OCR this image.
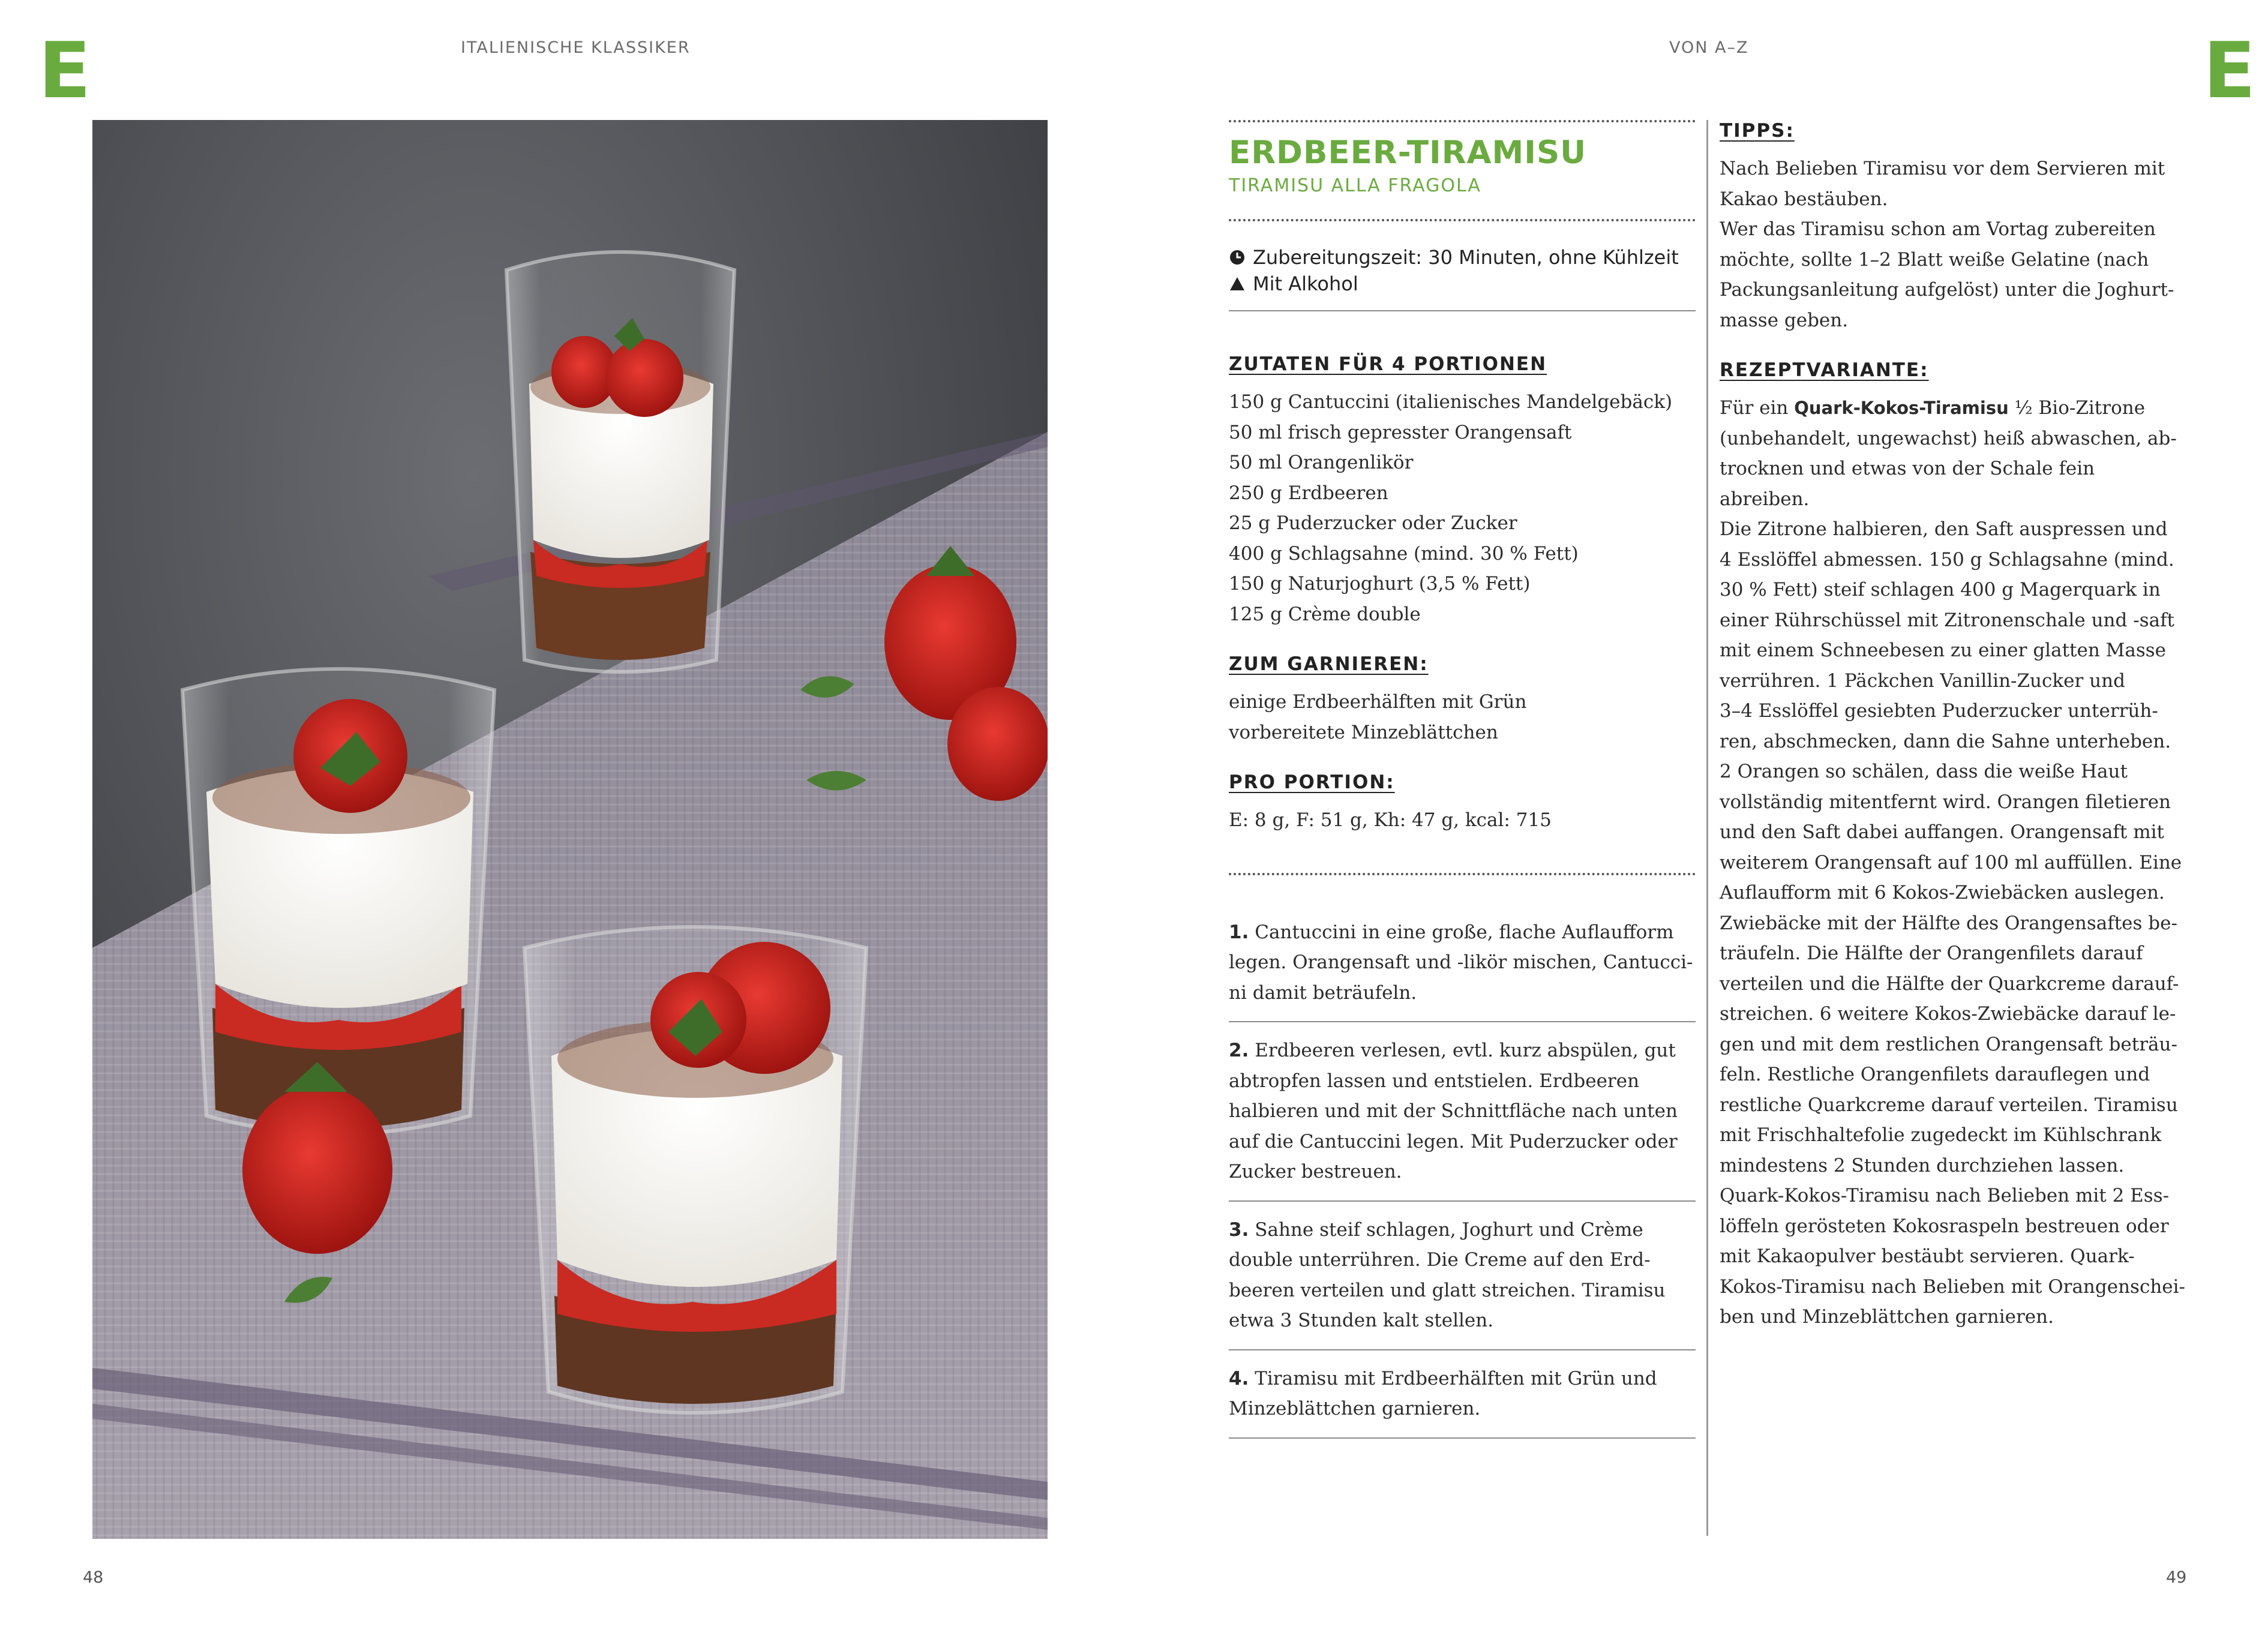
E	E
ITALIENISCHE KLASSIKER	VON A–Z
ERDBEER-TIRAMISU
TIRAMISU ALLA FRAGOLA
Zubereitungszeit: 30 Minuten, ohne Kühlzeit
Mit Alkohol
ZUTATEN FÜR 4 PORTIONEN
150 g Cantuccini (italienisches Mandelgebäck)
50 ml frisch gepresster Orangensaft
50 ml Orangenlikör
250 g Erdbeeren
25 g Puderzucker oder Zucker
400 g Schlagsahne (mind. 30 % Fett)
150 g Naturjoghurt (3,5 % Fett)
125 g Crème double
ZUM GARNIEREN:
einige Erdbeerhälften mit Grün
vorbereitete Minzeblättchen
PRO PORTION:
E: 8 g, F: 51 g, Kh: 47 g, kcal: 715
1. Cantuccini in eine große, flache Auflaufform
legen. Orangensaft und -likör mischen, Cantucci-
ni damit beträufeln.
2. Erdbeeren verlesen, evtl. kurz abspülen, gut
abtropfen lassen und entstielen. Erdbeeren
halbieren und mit der Schnittfläche nach unten
auf die Cantuccini legen. Mit Puderzucker oder
Zucker bestreuen.
3. Sahne steif schlagen, Joghurt und Crème
double unterrühren. Die Creme auf den Erd-
beeren verteilen und glatt streichen. Tiramisu
etwa 3 Stunden kalt stellen.
4. Tiramisu mit Erdbeerhälften mit Grün und
Minzeblättchen garnieren.
TIPPS:
Nach Belieben Tiramisu vor dem Servieren mit
Kakao bestäuben.
Wer das Tiramisu schon am Vortag zubereiten
möchte, sollte 1–2 Blatt weiße Gelatine (nach
Packungsanleitung aufgelöst) unter die Joghurt-
masse geben.
REZEPTVARIANTE:
Für ein Quark-Kokos-Tiramisu ½ Bio-Zitrone
(unbehandelt, ungewachst) heiß abwaschen, ab-
trocknen und etwas von der Schale fein abreiben.
Die Zitrone halbieren, den Saft auspressen und
4 Esslöffel abmessen. 150 g Schlagsahne (mind.
30 % Fett) steif schlagen 400 g Magerquark in
einer Rührschüssel mit Zitronenschale und -saft
mit einem Schneebesen zu einer glatten Masse
verrühren. 1 Päckchen Vanillin-Zucker und
3–4 Esslöffel gesiebten Puderzucker unterrüh-
ren, abschmecken, dann die Sahne unterheben.
2 Orangen so schälen, dass die weiße Haut
vollständig mitentfernt wird. Orangen filetieren
und den Saft dabei auffangen. Orangensaft mit
weiterem Orangensaft auf 100 ml auffüllen. Eine
Auflaufform mit 6 Kokos-Zwiebäcken auslegen.
Zwiebäcke mit der Hälfte des Orangensaftes be-
träufeln. Die Hälfte der Orangenfilets darauf
verteilen und die Hälfte der Quarkcreme darauf-
streichen. 6 weitere Kokos-Zwiebäcke darauf le-
gen und mit dem restlichen Orangensaft beträu-
feln. Restliche Orangenfilets darauflegen und
restliche Quarkcreme darauf verteilen. Tiramisu
mit Frischhaltefolie zugedeckt im Kühlschrank
mindestens 2 Stunden durchziehen lassen.
Quark-Kokos-Tiramisu nach Belieben mit 2 Ess-
löffeln gerösteten Kokosraspeln bestreuen oder
mit Kakaopulver bestäubt servieren. Quark-
Kokos-Tiramisu nach Belieben mit Orangenschei-
ben und Minzeblättchen garnieren.
48	49
